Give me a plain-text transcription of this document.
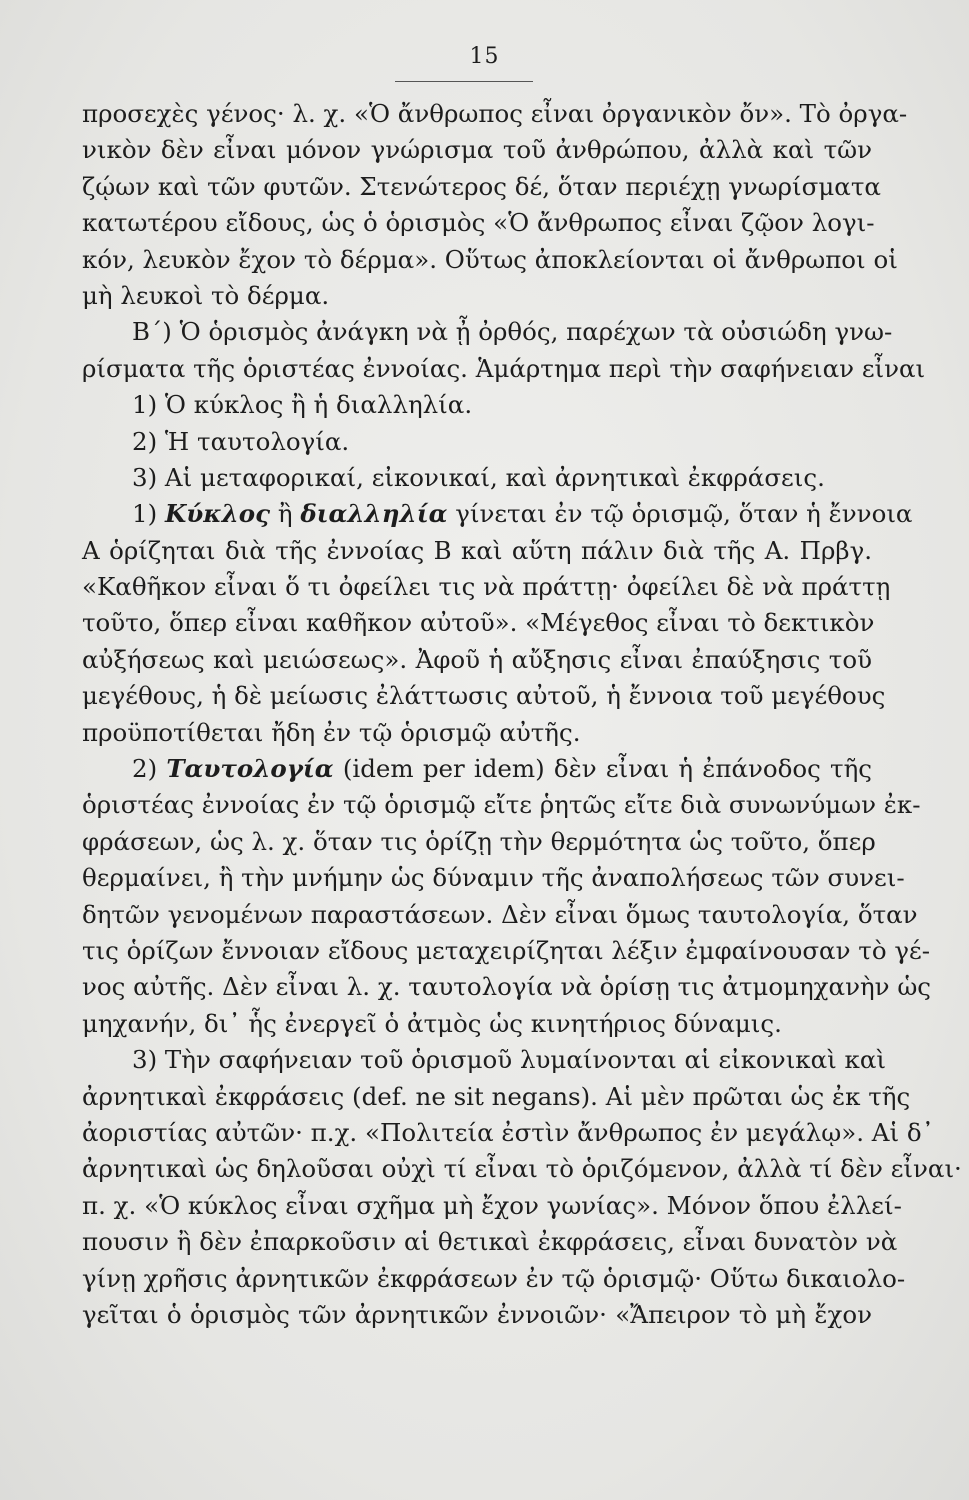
15
προσεχὲς γένος· λ. χ. «Ὁ ἄνθρωπος εἶναι ὀργανικὸν ὄν». Τὸ ὀργα-
νικὸν δὲν εἶναι μόνον γνώρισμα τοῦ ἀνθρώπου, ἀλλὰ καὶ τῶν
ζῴων καὶ τῶν φυτῶν. Στενώτερος δέ, ὅταν περιέχῃ γνωρίσματα
κατωτέρου εἴδους, ὡς ὁ ὁρισμὸς «Ὁ ἄνθρωπος εἶναι ζῷον λογι-
κόν, λευκὸν ἔχον τὸ δέρμα». Οὕτως ἀποκλείονται οἱ ἄνθρωποι οἱ
μὴ λευκοὶ τὸ δέρμα.
Β΄) Ὁ ὁρισμὸς ἀνάγκη νὰ ᾖ ὀρθός, παρέχων τὰ οὐσιώδη γνω-
ρίσματα τῆς ὁριστέας ἐννοίας. Ἁμάρτημα περὶ τὴν σαφήνειαν εἶναι
1) Ὁ κύκλος ἢ ἡ διαλληλία.
2) Ἡ ταυτολογία.
3) Αἱ μεταφορικαί, εἰκονικαί, καὶ ἀρνητικαὶ ἐκφράσεις.
1) Κύκλος ἢ διαλληλία γίνεται ἐν τῷ ὁρισμῷ, ὅταν ἡ ἔννοια
Α ὁρίζηται διὰ τῆς ἐννοίας Β καὶ αὕτη πάλιν διὰ τῆς Α. Πρβγ.
«Καθῆκον εἶναι ὅ τι ὀφείλει τις νὰ πράττῃ· ὀφείλει δὲ νὰ πράττῃ
τοῦτο, ὅπερ εἶναι καθῆκον αὐτοῦ». «Μέγεθος εἶναι τὸ δεκτικὸν
αὐξήσεως καὶ μειώσεως». Ἀφοῦ ἡ αὔξησις εἶναι ἐπαύξησις τοῦ
μεγέθους, ἡ δὲ μείωσις ἐλάττωσις αὐτοῦ, ἡ ἔννοια τοῦ μεγέθους
προϋποτίθεται ἤδη ἐν τῷ ὁρισμῷ αὐτῆς.
2) Ταυτολογία (idem per idem) δὲν εἶναι ἡ ἐπάνοδος τῆς
ὁριστέας ἐννοίας ἐν τῷ ὁρισμῷ εἴτε ῥητῶς εἴτε διὰ συνωνύμων ἐκ-
φράσεων, ὡς λ. χ. ὅταν τις ὁρίζῃ τὴν θερμότητα ὡς τοῦτο, ὅπερ
θερμαίνει, ἢ τὴν μνήμην ὡς δύναμιν τῆς ἀναπολήσεως τῶν συνει-
δητῶν γενομένων παραστάσεων. Δὲν εἶναι ὅμως ταυτολογία, ὅταν
τις ὁρίζων ἔννοιαν εἴδους μεταχειρίζηται λέξιν ἐμφαίνουσαν τὸ γέ-
νος αὐτῆς. Δὲν εἶναι λ. χ. ταυτολογία νὰ ὁρίσῃ τις ἀτμομηχανὴν ὡς
μηχανήν, δι᾽ ἧς ἐνεργεῖ ὁ ἀτμὸς ὡς κινητήριος δύναμις.
3) Τὴν σαφήνειαν τοῦ ὁρισμοῦ λυμαίνονται αἱ εἰκονικαὶ καὶ
ἀρνητικαὶ ἐκφράσεις (def. ne sit negans). Αἱ μὲν πρῶται ὡς ἐκ τῆς
ἀοριστίας αὐτῶν· π.χ. «Πολιτεία ἐστὶν ἄνθρωπος ἐν μεγάλῳ». Αἱ δ᾽
ἀρνητικαὶ ὡς δηλοῦσαι οὐχὶ τί εἶναι τὸ ὁριζόμενον, ἀλλὰ τί δὲν εἶναι·
π. χ. «Ὁ κύκλος εἶναι σχῆμα μὴ ἔχον γωνίας». Μόνον ὅπου ἐλλεί-
πουσιν ἢ δὲν ἐπαρκοῦσιν αἱ θετικαὶ ἐκφράσεις, εἶναι δυνατὸν νὰ
γίνῃ χρῆσις ἀρνητικῶν ἐκφράσεων ἐν τῷ ὁρισμῷ· Οὕτω δικαιολο-
γεῖται ὁ ὁρισμὸς τῶν ἀρνητικῶν ἐννοιῶν· «Ἄπειρον τὸ μὴ ἔχον
